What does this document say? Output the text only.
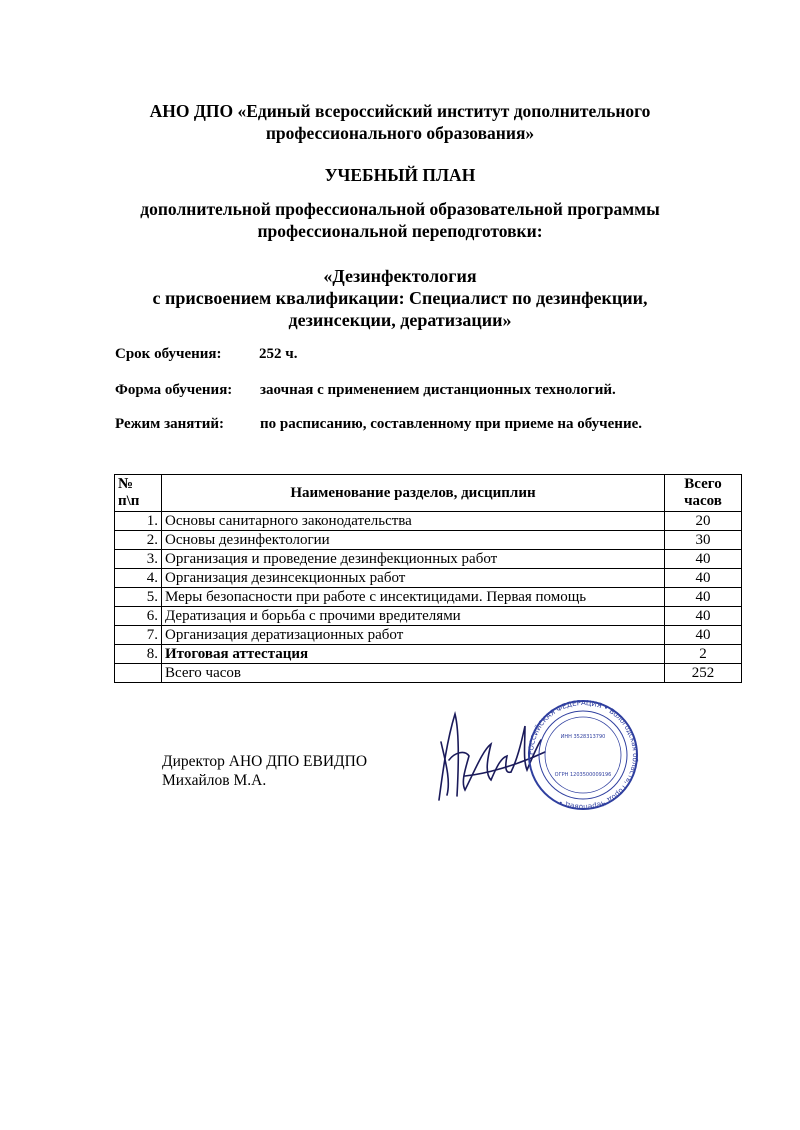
АНО ДПО «Единый всероссийский институт дополнительного
профессионального образования»
УЧЕБНЫЙ ПЛАН
дополнительной профессиональной образовательной программы
профессиональной переподготовки:
«Дезинфектология
с присвоением квалификации: Специалист по дезинфекции,
дезинсекции, дератизации»
Срок обучения: 252 ч.
Форма обучения: заочная с применением дистанционных технологий.
Режим занятий: по расписанию, составленному при приеме на обучение.
№ п\п	Наименование разделов, дисциплин	Всего
часов

1.	Основы санитарного законодательства	20
2.	Основы дезинфектологии	30
3.	Организация и проведение дезинфекционных работ	40
4.	Организация дезинсекционных работ	40
5.	Меры безопасности при работе с инсектицидами. Первая помощь	40
6.	Дератизация и борьба с прочими вредителями	40
7.	Организация дератизационных работ	40
8.	Итоговая аттестация	2
	Всего часов	252
Директор АНО ДПО ЕВИДПО
Михайлов М.А.
РОССИЙСКАЯ ФЕДЕРАЦИЯ • Вологодская область, город Череповец •
ИНН 3528313790
ОГРН 1203500009196
